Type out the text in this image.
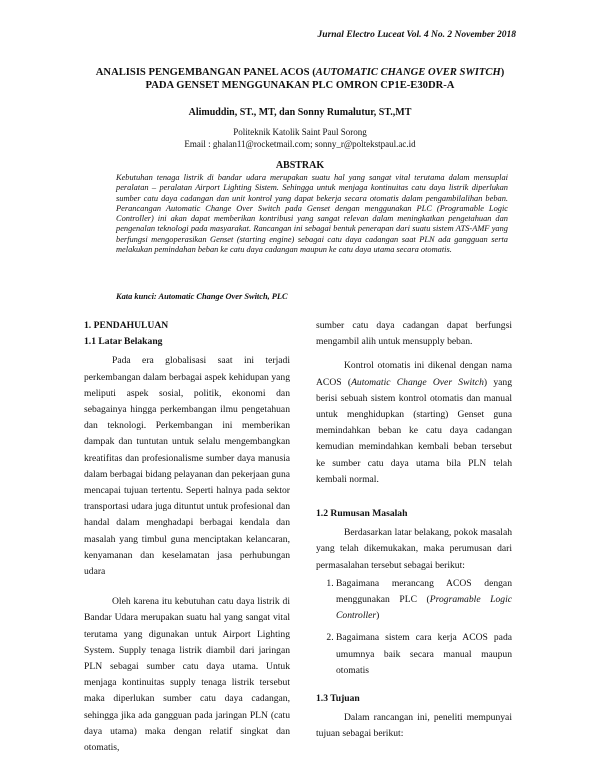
Jurnal Electro Luceat Vol. 4 No. 2 November 2018
ANALISIS PENGEMBANGAN PANEL ACOS (AUTOMATIC CHANGE OVER SWITCH) PADA GENSET MENGGUNAKAN PLC OMRON CP1E-E30DR-A
Alimuddin, ST., MT, dan Sonny Rumalutur, ST.,MT
Politeknik Katolik Saint Paul Sorong
Email : ghalan11@rocketmail.com; sonny_r@poltekstpaul.ac.id
ABSTRAK
Kebutuhan tenaga listrik di bandar udara merupakan suatu hal yang sangat vital terutama dalam mensuplai peralatan – peralatan Airport Lighting Sistem. Sehingga untuk menjaga kontinuitas catu daya listrik diperlukan sumber catu daya cadangan dan unit kontrol yang dapat bekerja secara otomatis dalam pengambilalihan beban. Perancangan Automatic Change Over Switch pada Genset dengan menggunakan PLC (Programable Logic Controller) ini akan dapat memberikan kontribusi yang sangat relevan dalam meningkatkan pengetahuan dan pengenalan teknologi pada masyarakat. Rancangan ini sebagai bentuk penerapan dari suatu sistem ATS-AMF yang berfungsi mengoperasikan Genset (starting engine) sebagai catu daya cadangan saat PLN ada gangguan serta melakukan pemindahan beban ke catu daya cadangan maupun ke catu daya utama secara otomatis.
Kata kunci: Automatic Change Over Switch, PLC
1. PENDAHULUAN
1.1 Latar Belakang

Pada era globalisasi saat ini terjadi perkembangan dalam berbagai aspek kehidupan yang meliputi aspek sosial, politik, ekonomi dan sebagainya hingga perkembangan ilmu pengetahuan dan teknologi. Perkembangan ini memberikan dampak dan tuntutan untuk selalu mengembangkan kreatifitas dan profesionalisme sumber daya manusia dalam berbagai bidang pelayanan dan pekerjaan guna mencapai tujuan tertentu. Seperti halnya pada sektor transportasi udara juga dituntut untuk profesional dan handal dalam menghadapi berbagai kendala dan masalah yang timbul guna menciptakan kelancaran, kenyamanan dan keselamatan jasa perhubungan udara

Oleh karena itu kebutuhan catu daya listrik di Bandar Udara merupakan suatu hal yang sangat vital terutama yang digunakan untuk Airport Lighting System. Supply tenaga listrik diambil dari jaringan PLN sebagai sumber catu daya utama. Untuk menjaga kontinuitas supply tenaga listrik tersebut maka diperlukan sumber catu daya cadangan, sehingga jika ada gangguan pada jaringan PLN (catu daya utama) maka dengan relatif singkat dan otomatis,

sumber catu daya cadangan dapat berfungsi mengambil alih untuk mensupply beban.

Kontrol otomatis ini dikenal dengan nama ACOS (Automatic Change Over Switch) yang berisi sebuah sistem kontrol otomatis dan manual untuk menghidupkan (starting) Genset guna memindahkan beban ke catu daya cadangan kemudian memindahkan kembali beban tersebut ke sumber catu daya utama bila PLN telah kembali normal.

1.2 Rumusan Masalah

Berdasarkan latar belakang, pokok masalah yang telah dikemukakan, maka perumusan dari permasalahan tersebut sebagai berikut:

1. Bagaimana merancang ACOS dengan menggunakan PLC (Programable Logic Controller)
2. Bagaimana sistem cara kerja ACOS pada umumnya baik secara manual maupun otomatis
1.3 Tujuan

Dalam rancangan ini, peneliti mempunyai tujuan sebagai berikut:
